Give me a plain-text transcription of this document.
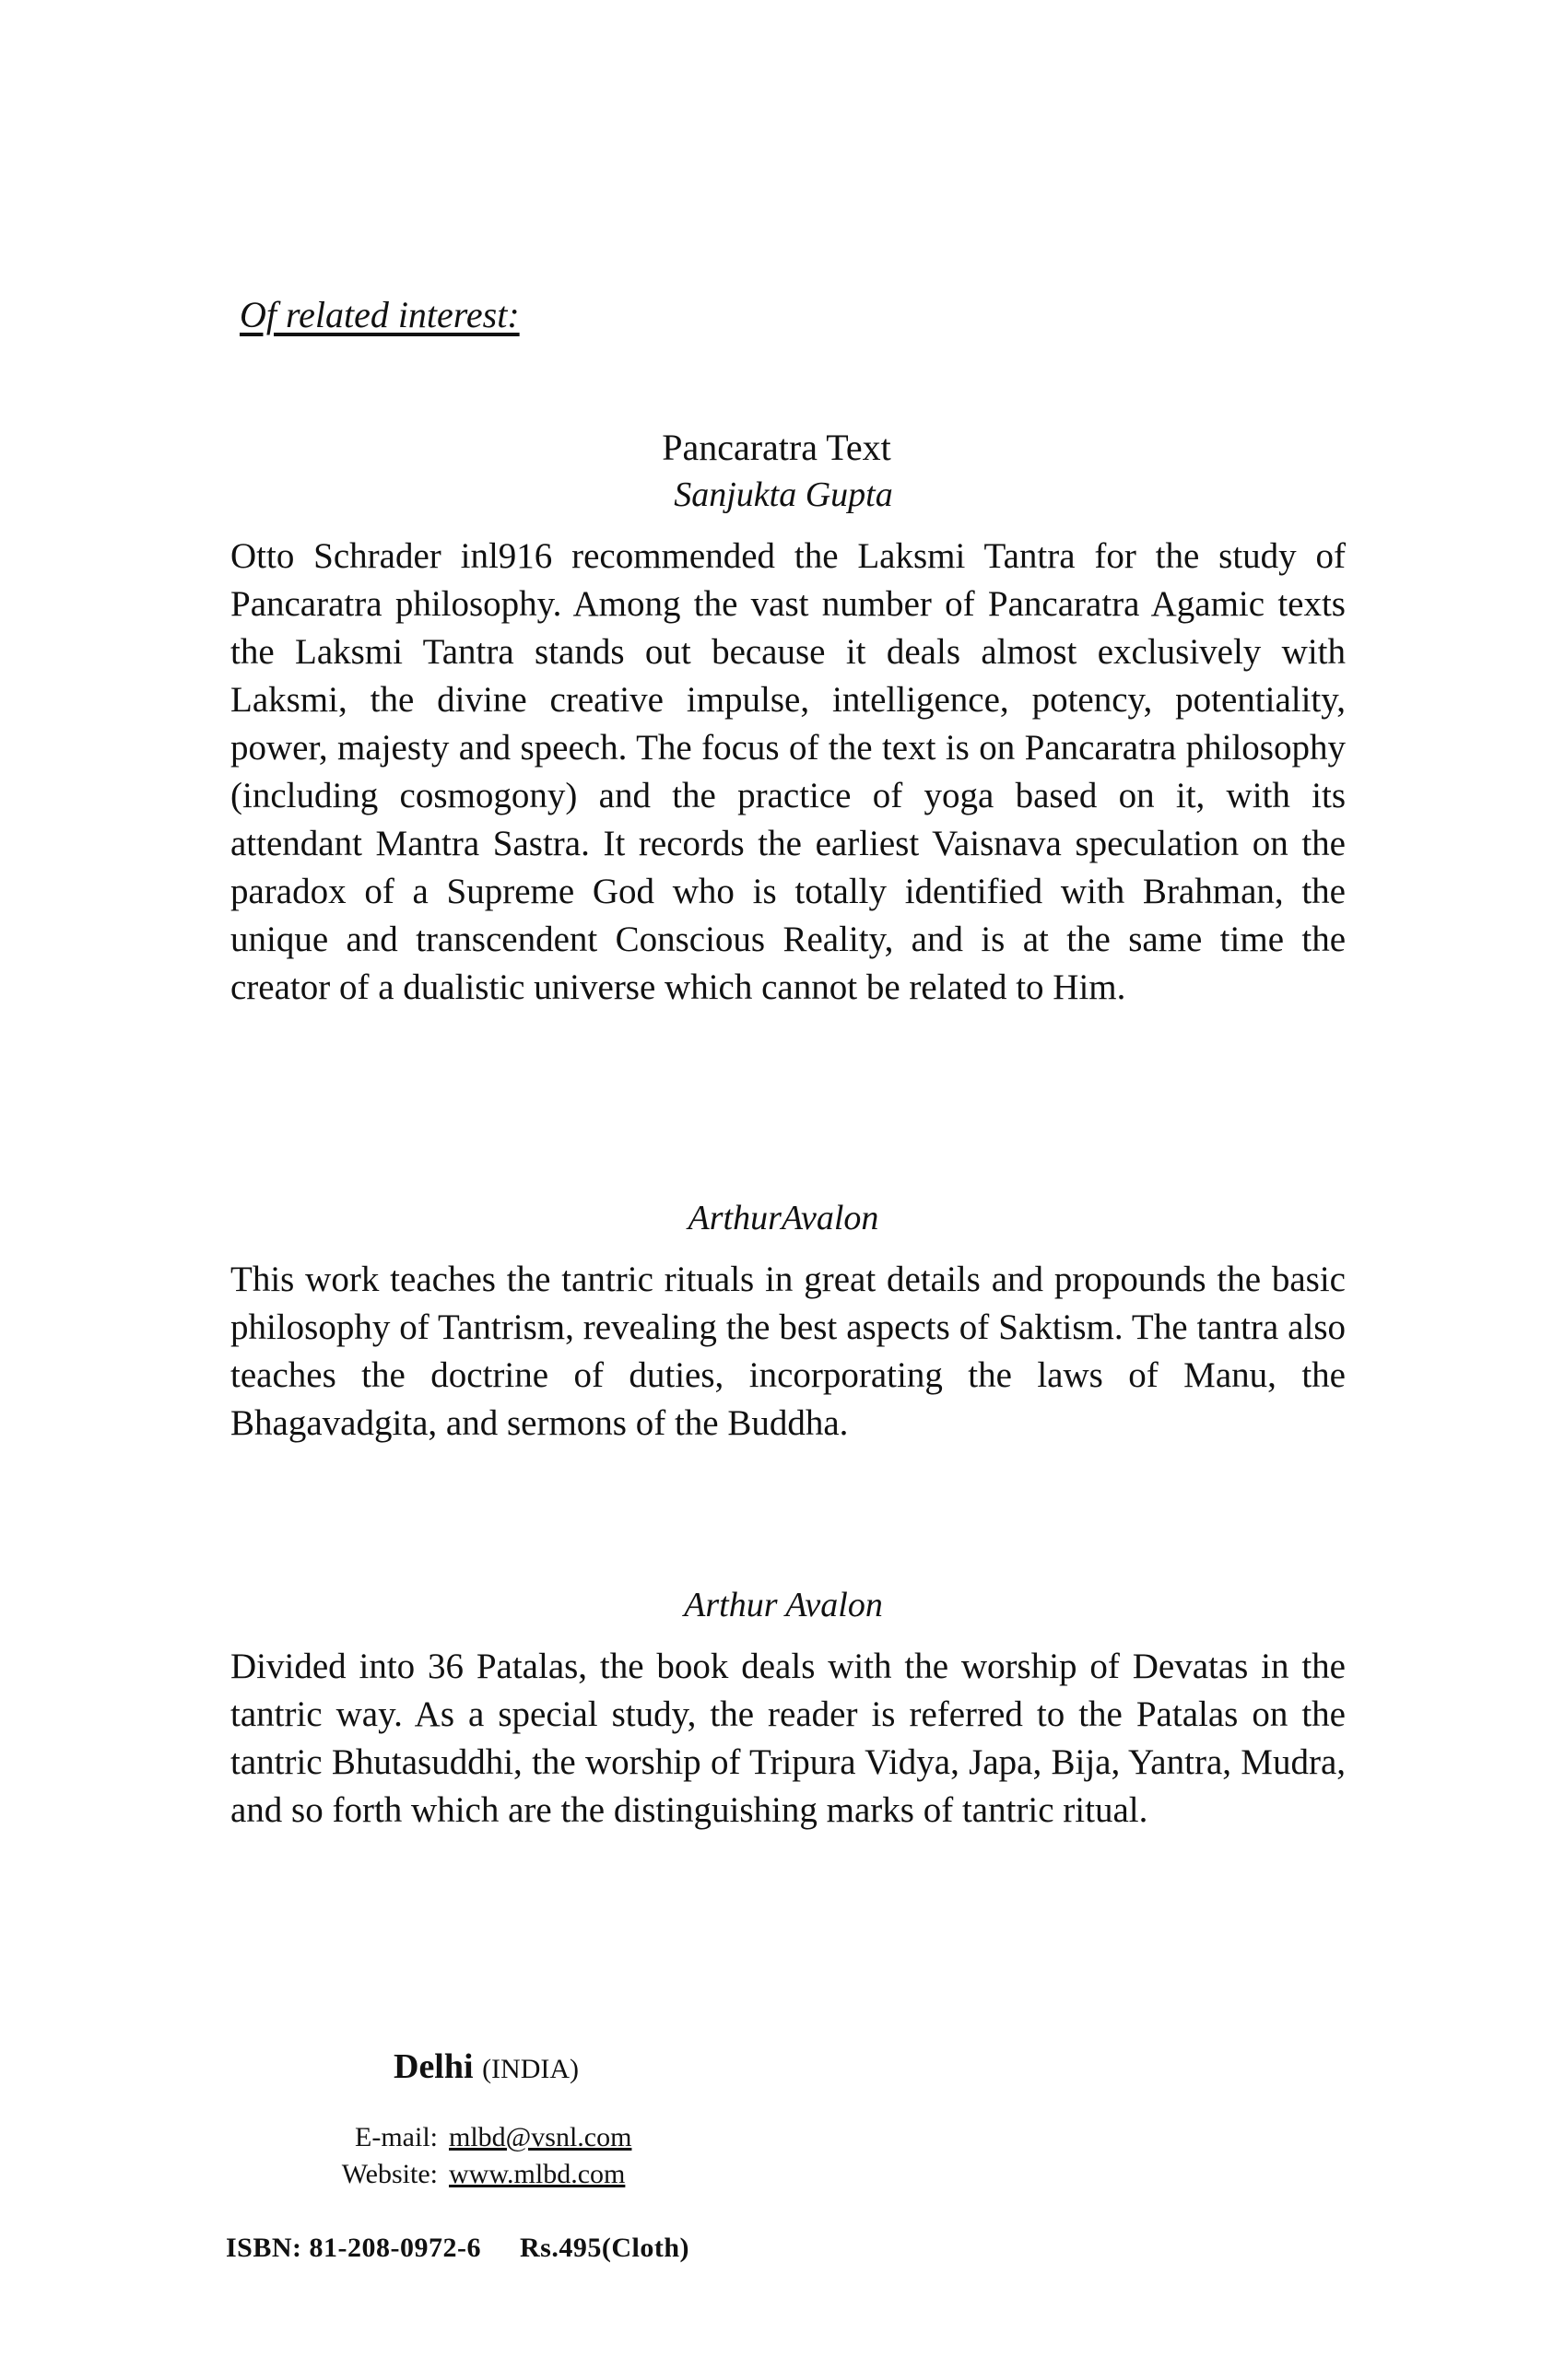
Of related interest:
Pancaratra Text
Sanjukta Gupta

Otto Schrader inl916 recommended the Laksmi Tantra for the study of Pancaratra philosophy. Among the vast number of Pancaratra Agamic texts the Laksmi Tantra stands out because it deals almost exclusively with Laksmi, the divine creative impulse, intelligence, potency, potentiality, power, majesty and speech. The focus of the text is on Pancaratra philosophy (including cosmogony) and the practice of yoga based on it, with its attendant Mantra Sastra. It records the earliest Vaisnava speculation on the paradox of a Supreme God who is totally identified with Brahman, the unique and transcendent Conscious Reality, and is at the same time the creator of a dualistic universe which cannot be related to Him.

ArthurAvalon

This work teaches the tantric rituals in great details and propounds the basic philosophy of Tantrism, revealing the best aspects of Saktism. The tantra also teaches the doctrine of duties, incorporating the laws of Manu, the Bhagavadgita, and sermons of the Buddha.

Arthur Avalon

Divided into 36 Patalas, the book deals with the worship of Devatas in the tantric way. As a special study, the reader is referred to the Patalas on the tantric Bhutasuddhi, the worship of Tripura Vidya, Japa, Bija, Yantra, Mudra, and so forth which are the distinguishing marks of tantric ritual.

Delhi (INDIA)
E-mail: mlbd@vsnl.com
Website: www.mlbd.com
ISBN: 81-208-0972-6 Rs.495(Cloth)
